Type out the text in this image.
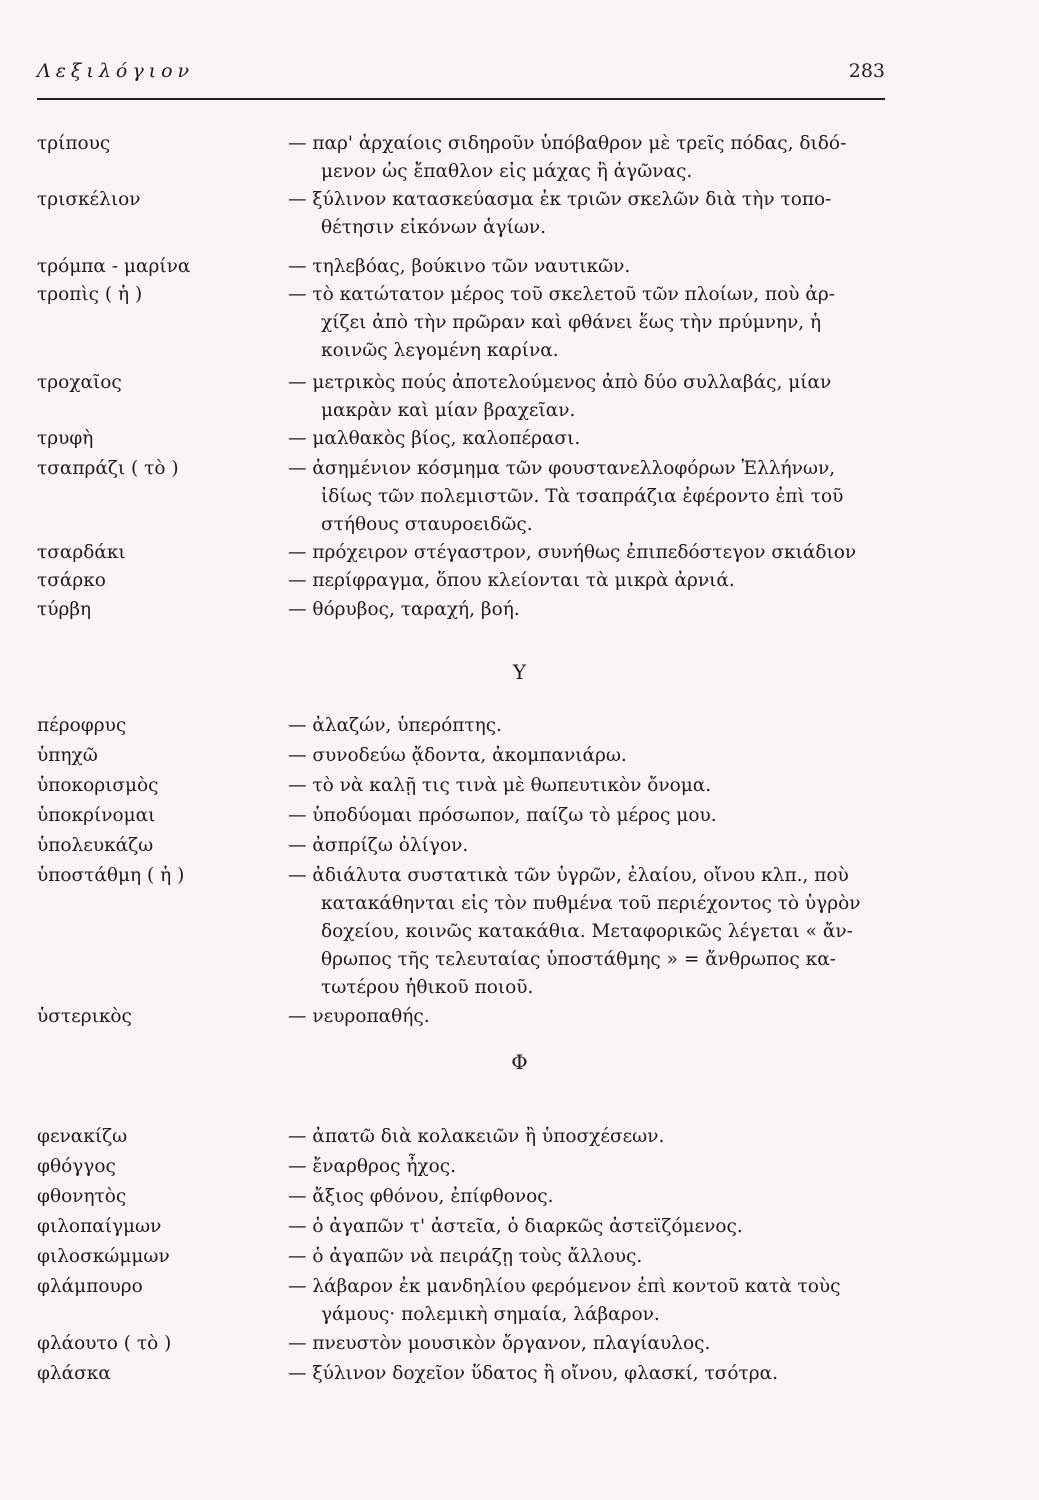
Λεξιλόγιον	283
τρίπους	— παρ' ἀρχαίοις σιδηροῦν ὑπόβαθρον μὲ τρεῖς πόδας, διδό-
μενον ὡς ἔπαθλον εἰς μάχας ἢ ἀγῶνας.
τρισκέλιον	— ξύλινον κατασκεύασμα ἐκ τριῶν σκελῶν διὰ τὴν τοπο-
θέτησιν εἰκόνων ἁγίων.
τρόμπα - μαρίνα	— τηλεβόας, βούκινο τῶν ναυτικῶν.
τροπὶς ( ἡ )	— τὸ κατώτατον μέρος τοῦ σκελετοῦ τῶν πλοίων, ποὺ ἀρ-
χίζει ἀπὸ τὴν πρῶραν καὶ φθάνει ἕως τὴν πρύμνην, ἡ
κοινῶς λεγομένη καρίνα.
τροχαῖος	— μετρικὸς πούς ἀποτελούμενος ἀπὸ δύο συλλαβάς, μίαν
μακρὰν καὶ μίαν βραχεῖαν.
τρυφὴ	— μαλθακὸς βίος, καλοπέρασι.
τσαπράζι ( τὸ )	— ἀσημένιον κόσμημα τῶν φουστανελλοφόρων Ἑλλήνων,
ἰδίως τῶν πολεμιστῶν. Τὰ τσαπράζια ἐφέροντο ἐπὶ τοῦ
στήθους σταυροειδῶς.
τσαρδάκι	— πρόχειρον στέγαστρον, συνήθως ἐπιπεδόστεγον σκιάδιον
τσάρκο	— περίφραγμα, ὅπου κλείονται τὰ μικρὰ ἀρνιά.
τύρβη	— θόρυβος, ταραχή, βοή.
Υ
πέροφρυς	— ἀλαζών, ὑπερόπτης.
ὑπηχῶ	— συνοδεύω ᾄδοντα, ἀκομπανιάρω.
ὑποκορισμὸς	— τὸ νὰ καλῇ τις τινὰ μὲ θωπευτικὸν ὄνομα.
ὑποκρίνομαι	— ὑποδύομαι πρόσωπον, παίζω τὸ μέρος μου.
ὑπολευκάζω	— ἀσπρίζω ὀλίγον.
ὑποστάθμη ( ἡ )	— ἀδιάλυτα συστατικὰ τῶν ὑγρῶν, ἐλαίου, οἴνου κλπ., ποὺ
κατακάθηνται εἰς τὸν πυθμένα τοῦ περιέχοντος τὸ ὑγρὸν
δοχείου, κοινῶς κατακάθια. Μεταφορικῶς λέγεται « ἄν-
θρωπος τῆς τελευταίας ὑποστάθμης » = ἄνθρωπος κα-
τωτέρου ἠθικοῦ ποιοῦ.
ὑστερικὸς	— νευροπαθής.
Φ
φενακίζω	— ἀπατῶ διὰ κολακειῶν ἢ ὑποσχέσεων.
φθόγγος	— ἔναρθρος ἦχος.
φθονητὸς	— ἄξιος φθόνου, ἐπίφθονος.
φιλοπαίγμων	— ὁ ἀγαπῶν τ' ἀστεῖα, ὁ διαρκῶς ἀστεϊζόμενος.
φιλοσκώμμων	— ὁ ἀγαπῶν νὰ πειράζῃ τοὺς ἄλλους.
φλάμπουρο	— λάβαρον ἐκ μανδηλίου φερόμενον ἐπὶ κοντοῦ κατὰ τοὺς
γάμους· πολεμικὴ σημαία, λάβαρον.
φλάουτο ( τὸ )	— πνευστὸν μουσικὸν ὄργανον, πλαγίαυλος.
φλάσκα	— ξύλινον δοχεῖον ὕδατος ἢ οἴνου, φλασκί, τσότρα.
